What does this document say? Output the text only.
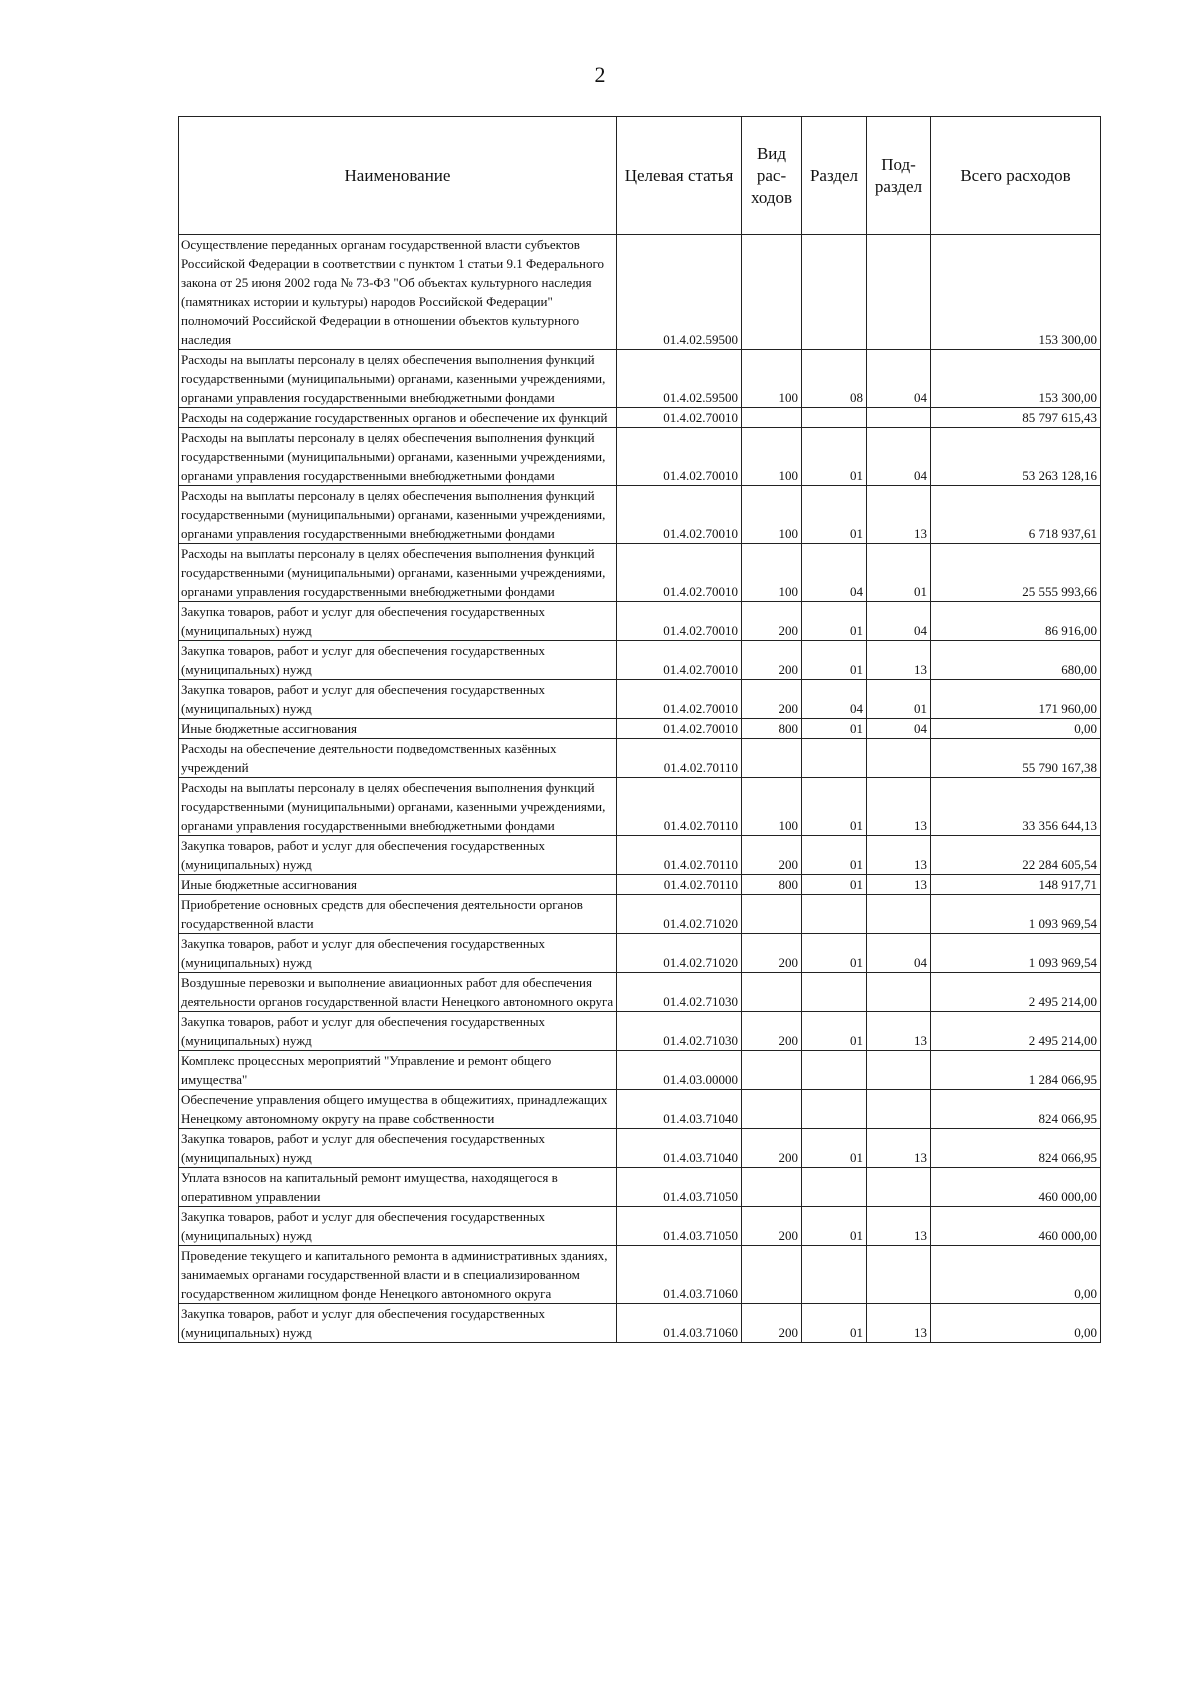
2
Наименование	Целевая статья	Вид рас- ходов	Раздел	Под- раздел	Всего расходов
Осуществление переданных органам государственной власти субъектов Российской Федерации в соответствии с пунктом 1 статьи 9.1 Федерального закона от 25 июня 2002 года № 73-ФЗ "Об объектах культурного наследия (памятниках истории и культуры) народов Российской Федерации" полномочий Российской Федерации в отношении объектов культурного наследия	01.4.02.59500				153 300,00
Расходы на выплаты персоналу в целях обеспечения выполнения функций государственными (муниципальными) органами, казенными учреждениями, органами управления государственными внебюджетными фондами	01.4.02.59500	100	08	04	153 300,00
Расходы на содержание государственных органов и обеспечение их функций	01.4.02.70010				85 797 615,43
Расходы на выплаты персоналу в целях обеспечения выполнения функций государственными (муниципальными) органами, казенными учреждениями, органами управления государственными внебюджетными фондами	01.4.02.70010	100	01	04	53 263 128,16
Расходы на выплаты персоналу в целях обеспечения выполнения функций государственными (муниципальными) органами, казенными учреждениями, органами управления государственными внебюджетными фондами	01.4.02.70010	100	01	13	6 718 937,61
Расходы на выплаты персоналу в целях обеспечения выполнения функций государственными (муниципальными) органами, казенными учреждениями, органами управления государственными внебюджетными фондами	01.4.02.70010	100	04	01	25 555 993,66
Закупка товаров, работ и услуг для обеспечения государственных (муниципальных) нужд	01.4.02.70010	200	01	04	86 916,00
Закупка товаров, работ и услуг для обеспечения государственных (муниципальных) нужд	01.4.02.70010	200	01	13	680,00
Закупка товаров, работ и услуг для обеспечения государственных (муниципальных) нужд	01.4.02.70010	200	04	01	171 960,00
Иные бюджетные ассигнования	01.4.02.70010	800	01	04	0,00
Расходы на обеспечение деятельности подведомственных казённых учреждений	01.4.02.70110				55 790 167,38
Расходы на выплаты персоналу в целях обеспечения выполнения функций государственными (муниципальными) органами, казенными учреждениями, органами управления государственными внебюджетными фондами	01.4.02.70110	100	01	13	33 356 644,13
Закупка товаров, работ и услуг для обеспечения государственных (муниципальных) нужд	01.4.02.70110	200	01	13	22 284 605,54
Иные бюджетные ассигнования	01.4.02.70110	800	01	13	148 917,71
Приобретение основных средств для обеспечения деятельности органов государственной власти	01.4.02.71020				1 093 969,54
Закупка товаров, работ и услуг для обеспечения государственных (муниципальных) нужд	01.4.02.71020	200	01	04	1 093 969,54
Воздушные перевозки и выполнение авиационных работ для обеспечения деятельности органов государственной власти Ненецкого автономного округа	01.4.02.71030				2 495 214,00
Закупка товаров, работ и услуг для обеспечения государственных (муниципальных) нужд	01.4.02.71030	200	01	13	2 495 214,00
Комплекс процессных мероприятий "Управление и ремонт общего имущества"	01.4.03.00000				1 284 066,95
Обеспечение управления общего имущества в общежитиях, принадлежащих Ненецкому автономному округу на праве собственности	01.4.03.71040				824 066,95
Закупка товаров, работ и услуг для обеспечения государственных (муниципальных) нужд	01.4.03.71040	200	01	13	824 066,95
Уплата взносов на капитальный ремонт имущества, находящегося в оперативном управлении	01.4.03.71050				460 000,00
Закупка товаров, работ и услуг для обеспечения государственных (муниципальных) нужд	01.4.03.71050	200	01	13	460 000,00
Проведение текущего и капитального ремонта в административных зданиях, занимаемых органами государственной власти и в специализированном государственном жилищном фонде Ненецкого автономного округа	01.4.03.71060				0,00
Закупка товаров, работ и услуг для обеспечения государственных (муниципальных) нужд	01.4.03.71060	200	01	13	0,00
